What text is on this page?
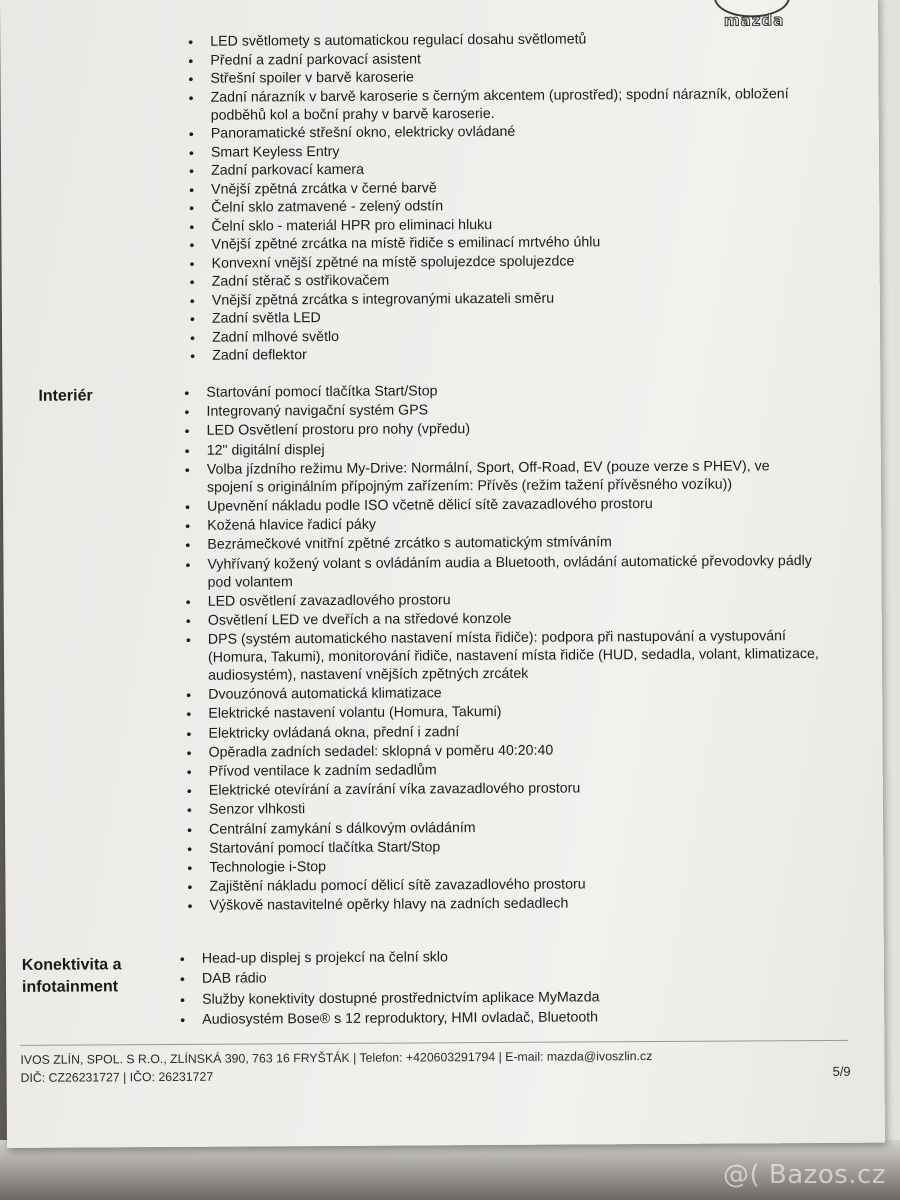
mazda
• LED světlomety s automatickou regulací dosahu světlometů
• Přední a zadní parkovací asistent
• Střešní spoiler v barvě karoserie
• Zadní nárazník v barvě karoserie s černým akcentem (uprostřed); spodní nárazník, obložení podběhů kol a boční prahy v barvě karoserie.
• Panoramatické střešní okno, elektricky ovládané
• Smart Keyless Entry
• Zadní parkovací kamera
• Vnější zpětná zrcátka v černé barvě
• Čelní sklo zatmavené - zelený odstín
• Čelní sklo - materiál HPR pro eliminaci hluku
• Vnější zpětné zrcátka na místě řidiče s emilinací mrtvého úhlu
• Konvexní vnější zpětné na místě spolujezdce spolujezdce
• Zadní stěrač s ostřikovačem
• Vnější zpětná zrcátka s integrovanými ukazateli směru
• Zadní světla LED
• Zadní mlhové světlo
• Zadní deflektor
Interiér
•	Startování pomocí tlačítka Start/Stop
• Integrovaný navigační systém GPS
• LED Osvětlení prostoru pro nohy (vpředu)
• 12" digitální displej
• Volba jízdního režimu My-Drive: Normální, Sport, Off-Road, EV (pouze verze s PHEV), ve spojení s originálním přípojným zařízením: Přívěs (režim tažení přívěsného vozíku))
• Upevnění nákladu podle ISO včetně dělicí sítě zavazadlového prostoru
• Kožená hlavice řadicí páky
• Bezrámečkové vnitřní zpětné zrcátko s automatickým stmíváním
• Vyhřívaný kožený volant s ovládáním audia a Bluetooth, ovládání automatické převodovky pádly pod volantem
• LED osvětlení zavazadlového prostoru
• Osvětlení LED ve dveřích a na středové konzole
• DPS (systém automatického nastavení místa řidiče): podpora při nastupování a vystupování (Homura, Takumi), monitorování řidiče, nastavení místa řidiče (HUD, sedadla, volant, klimatizace, audiosystém), nastavení vnějších zpětných zrcátek
• Dvouzónová automatická klimatizace
• Elektrické nastavení volantu (Homura, Takumi)
• Elektricky ovládaná okna, přední i zadní
• Opěradla zadních sedadel: sklopná v poměru 40:20:40
• Přívod ventilace k zadním sedadlům
• Elektrické otevírání a zavírání víka zavazadlového prostoru
• Senzor vlhkosti
• Centrální zamykání s dálkovým ovládáním
• Startování pomocí tlačítka Start/Stop
• Technologie i-Stop
• Zajištění nákladu pomocí dělicí sítě zavazadlového prostoru
• Výškově nastavitelné opěrky hlavy na zadních sedadlech
Konektivita a
infotainment
• Head-up displej s projekcí na čelní sklo
• DAB rádio
• Služby konektivity dostupné prostřednictvím aplikace MyMazda
• Audiosystém Bose® s 12 reproduktory, HMI ovladač, Bluetooth
IVOS ZLÍN, SPOL. S R.O., ZLÍNSKÁ 390, 763 16 FRYŠTÁK | Telefon: +420603291794 | E-mail: mazda@ivoszlin.cz
DIČ: CZ26231727 | IČO: 26231727	5/9
@( Bazos.cz
